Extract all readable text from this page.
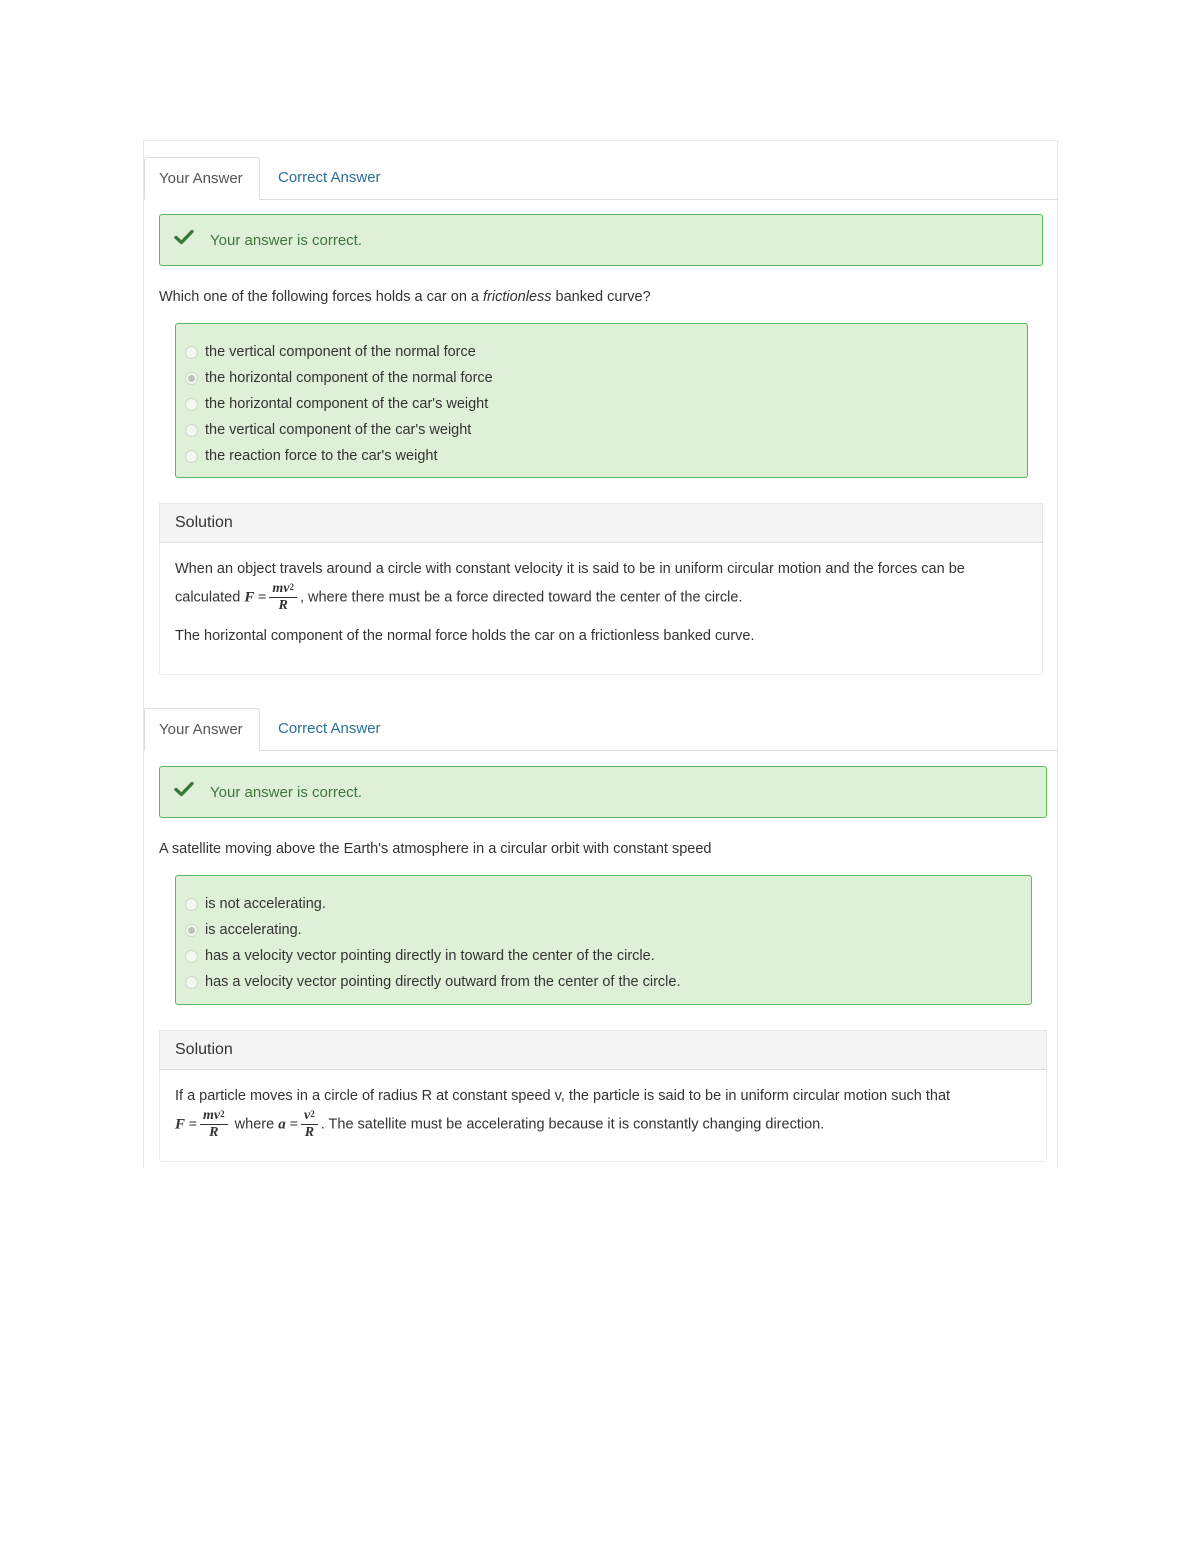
Your Answer	Correct Answer
Your answer is correct.
Which one of the following forces holds a car on a frictionless banked curve?
the vertical component of the normal force
the horizontal component of the normal force
the horizontal component of the car's weight
the vertical component of the car's weight
the reaction force to the car's weight
Solution

When an object travels around a circle with constant velocity it is said to be in uniform circular motion and the forces can be

calculated $F = \frac{mv^2}{R}$ , where there must be a force directed toward the center of the circle.

The horizontal component of the normal force holds the car on a frictionless banked curve.

Your Answer	Correct Answer
Your answer is correct.
A satellite moving above the Earth's atmosphere in a circular orbit with constant speed
is not accelerating.
is accelerating.
has a velocity vector pointing directly in toward the center of the circle.
has a velocity vector pointing directly outward from the center of the circle.
Solution

If a particle moves in a circle of radius R at constant speed v, the particle is said to be in uniform circular motion such that

$F = \frac{mv^2}{R}$ where $a = \frac{v^2}{R}$ . The satellite must be accelerating because it is constantly changing direction.
